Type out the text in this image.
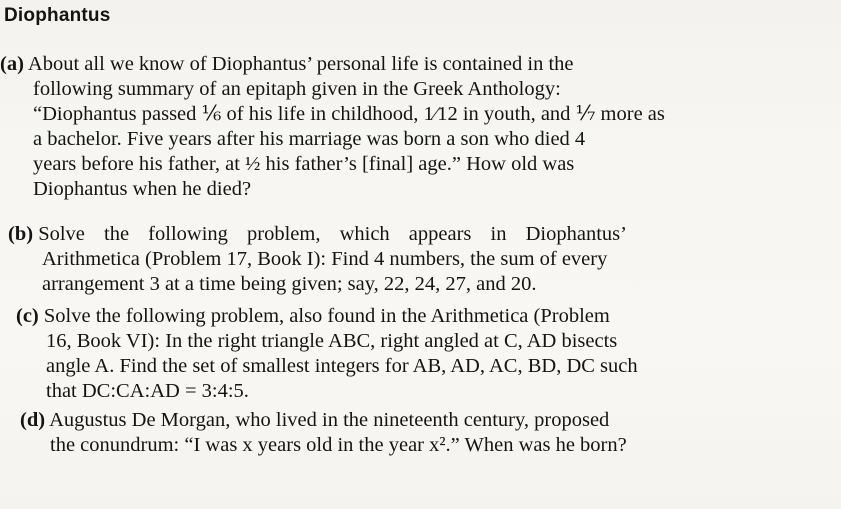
Diophantus
(a) About all we know of Diophantus’ personal life is contained in the
following summary of an epitaph given in the Greek Anthology:
“Diophantus passed ⅙ of his life in childhood, 1⁄12 in youth, and ⅐ more as
a bachelor. Five years after his marriage was born a son who died 4
years before his father, at ½ his father’s [final] age.” How old was
Diophantus when he died?
(b) Solve the following problem, which appears in Diophantus’
Arithmetica (Problem 17, Book I): Find 4 numbers, the sum of every
arrangement 3 at a time being given; say, 22, 24, 27, and 20.
(c) Solve the following problem, also found in the Arithmetica (Problem
16, Book VI): In the right triangle ABC, right angled at C, AD bisects
angle A. Find the set of smallest integers for AB, AD, AC, BD, DC such
that DC:CA:AD = 3:4:5.
(d) Augustus De Morgan, who lived in the nineteenth century, proposed
the conundrum: “I was x years old in the year x².” When was he born?
